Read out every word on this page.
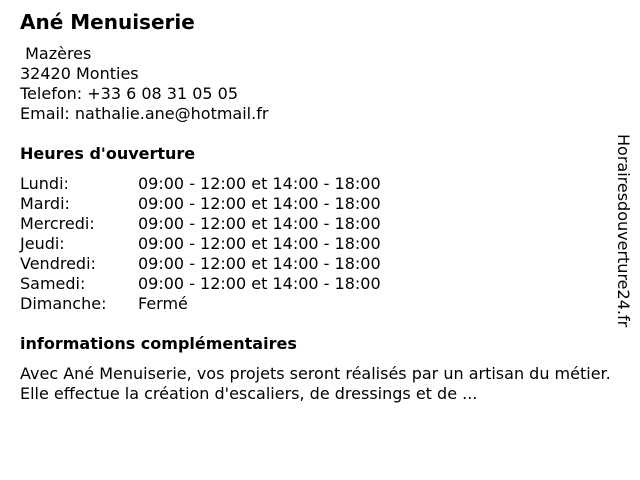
Ané Menuiserie
Mazères
32420 Monties
Telefon: +33 6 08 31 05 05
Email: nathalie.ane@hotmail.fr
Heures d'ouverture
Lundi:	09:00 - 12:00 et 14:00 - 18:00
Mardi:	09:00 - 12:00 et 14:00 - 18:00
Mercredi:	09:00 - 12:00 et 14:00 - 18:00
Jeudi:	09:00 - 12:00 et 14:00 - 18:00
Vendredi:	09:00 - 12:00 et 14:00 - 18:00
Samedi:	09:00 - 12:00 et 14:00 - 18:00
Dimanche:	Fermé
informations complémentaires
Avec Ané Menuiserie, vos projets seront réalisés par un artisan du métier. Elle effectue la création d'escaliers, de dressings et de ...
Horairesdouverture24.fr
